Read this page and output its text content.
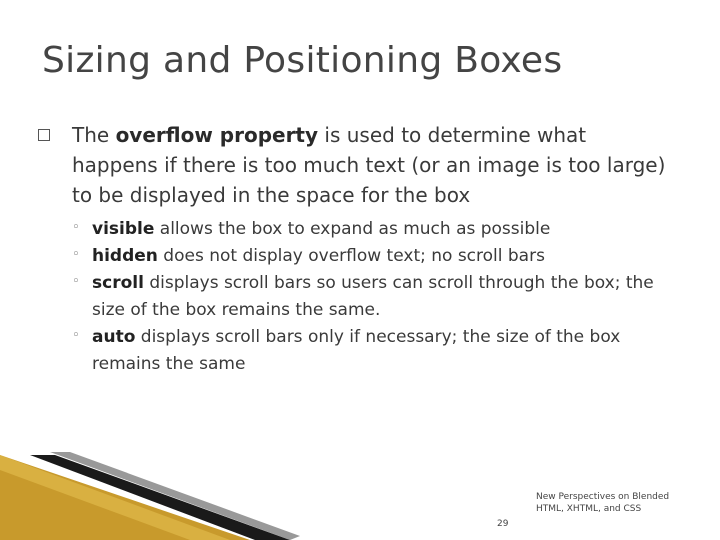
Sizing and Positioning Boxes
The overflow property is used to determine what happens if there is too much text (or an image is too large) to be displayed in the space for the box
◦ visible allows the box to expand as much as possible
◦ hidden does not display overflow text; no scroll bars
◦ scroll displays scroll bars so users can scroll through the box; the size of the box remains the same.
◦ auto displays scroll bars only if necessary; the size of the box remains the same
New Perspectives on Blended HTML, XHTML, and CSS
29
